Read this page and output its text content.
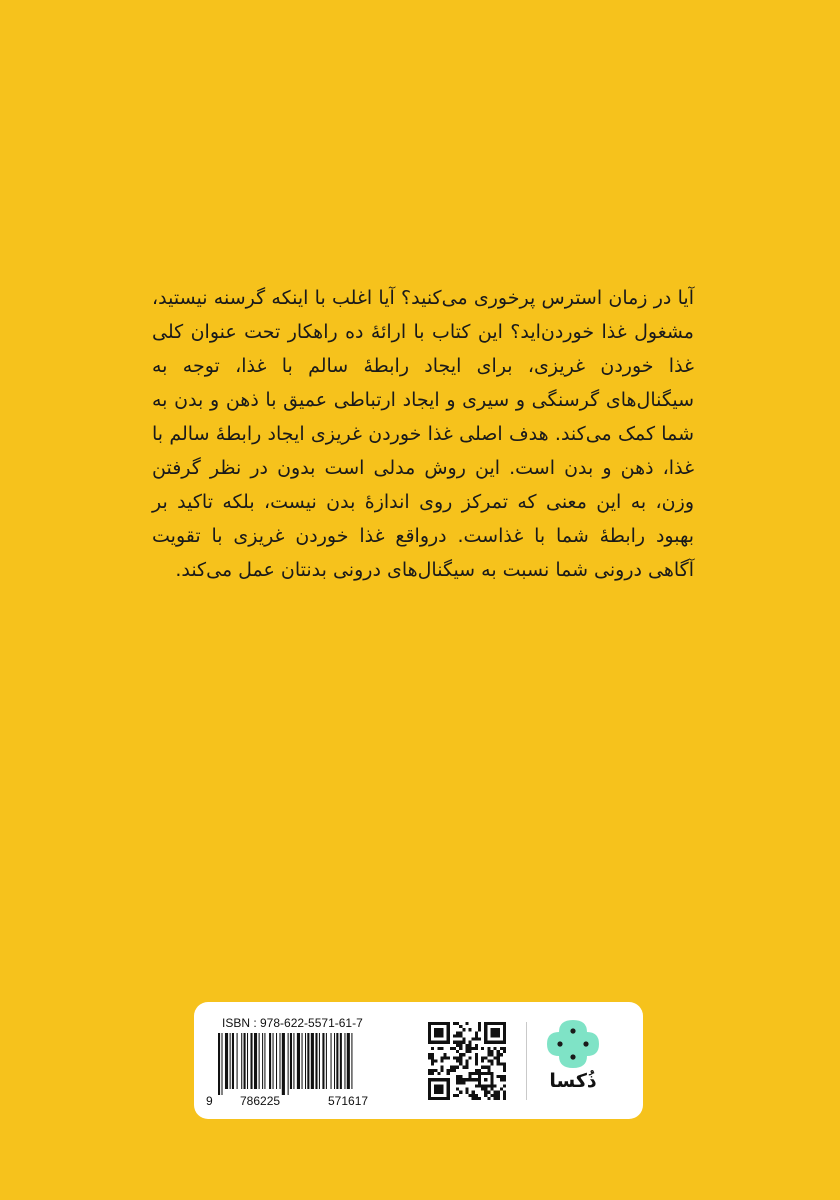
آیا در زمان استرس پرخوری می‌کنید؟ آیا اغلب با اینکه گرسنه نیستید، مشغول غذا خوردن‌اید؟ این کتاب با ارائهٔ ده راهکار تحت عنوان کلی غذا خوردن غریزی، برای ایجاد رابطهٔ سالم با غذا، توجه به سیگنال‌های گرسنگی و سیری و ایجاد ارتباطی عمیق با ذهن و بدن به شما کمک می‌کند. هدف اصلی غذا خوردن غریزی ایجاد رابطهٔ سالم با غذا، ذهن و بدن است. این روش مدلی است بدون در نظر گرفتن وزن، به این معنی که تمرکز روی اندازهٔ بدن نیست، بلکه تاکید بر بهبود رابطهٔ شما با غذاست. درواقع غذا خوردن غریزی با تقویت آگاهی درونی شما نسبت به سیگنال‌های درونی بدنتان عمل می‌کند.

ISBN : 978-622-5571-61-7
9 786225	571617
ذُکسا
